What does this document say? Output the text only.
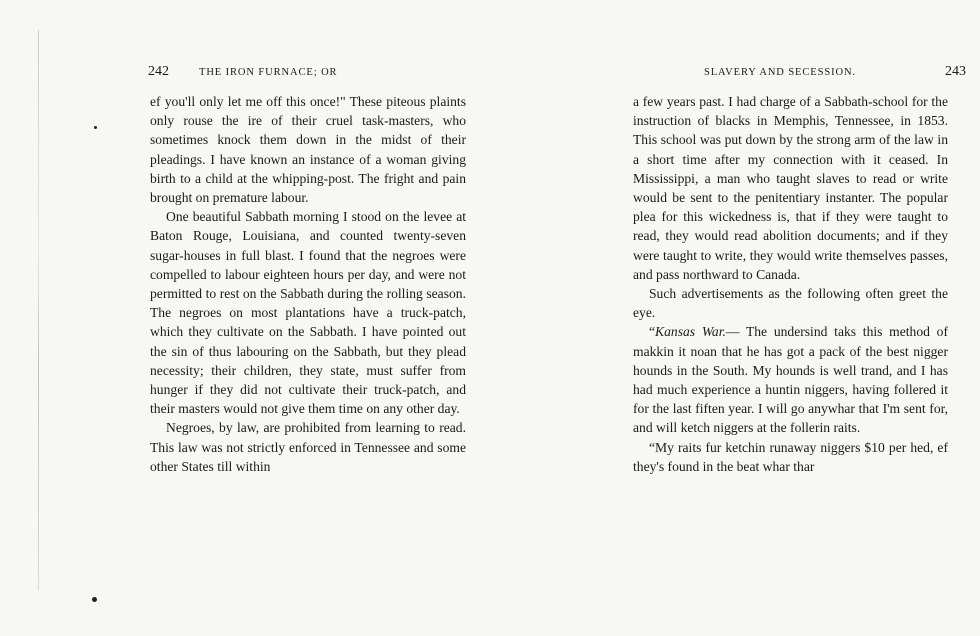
242	THE IRON FURNACE; OR

ef you'll only let me off this once!" These piteous plaints only rouse the ire of their cruel task-masters, who sometimes knock them down in the midst of their pleadings. I have known an instance of a woman giving birth to a child at the whipping-post. The fright and pain brought on premature labour.

One beautiful Sabbath morning I stood on the levee at Baton Rouge, Louisiana, and counted twenty-seven sugar-houses in full blast. I found that the negroes were compelled to labour eighteen hours per day, and were not permitted to rest on the Sabbath during the rolling season. The negroes on most plantations have a truck-patch, which they cultivate on the Sabbath. I have pointed out the sin of thus labouring on the Sabbath, but they plead necessity; their children, they state, must suffer from hunger if they did not cultivate their truck-patch, and their masters would not give them time on any other day.

Negroes, by law, are prohibited from learning to read. This law was not strictly enforced in Tennessee and some other States till within

SLAVERY AND SECESSION.	243

a few years past. I had charge of a Sabbath-school for the instruction of blacks in Memphis, Tennessee, in 1853. This school was put down by the strong arm of the law in a short time after my connection with it ceased. In Mississippi, a man who taught slaves to read or write would be sent to the penitentiary instanter. The popular plea for this wickedness is, that if they were taught to read, they would read abolition documents; and if they were taught to write, they would write themselves passes, and pass northward to Canada.

Such advertisements as the following often greet the eye.

“Kansas War.— The undersind taks this method of makkin it noan that he has got a pack of the best nigger hounds in the South. My hounds is well trand, and I has had much experience a huntin niggers, having follered it for the last fiften year. I will go anywhar that I'm sent for, and will ketch niggers at the follerin raits.

“My raits fur ketchin runaway niggers $10 per hed, ef they's found in the beat whar thar
